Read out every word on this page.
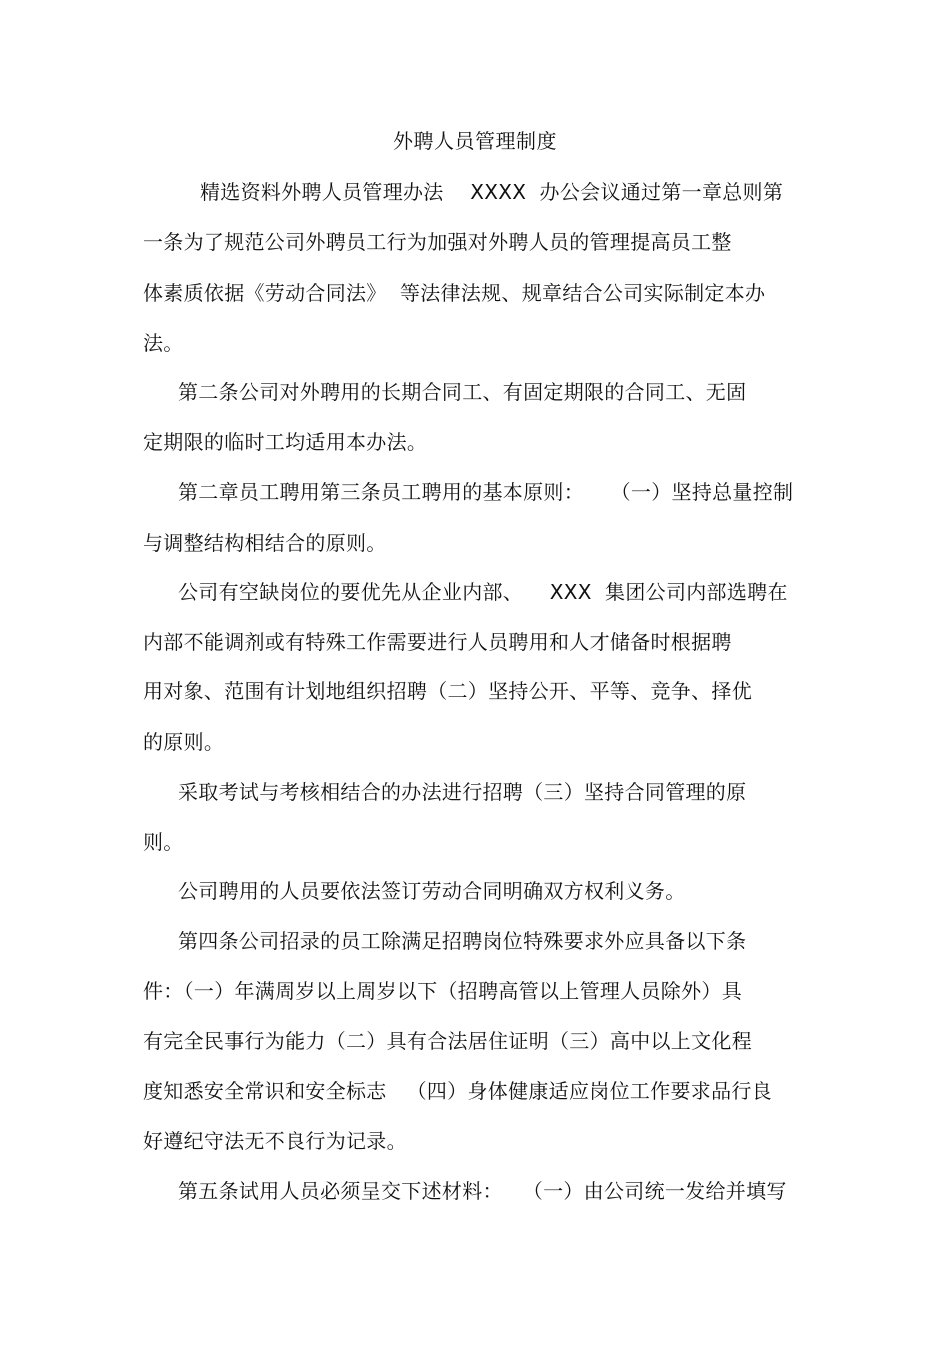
外聘人员管理制度
精选资料外聘人员管理办法    XXXX  办公会议通过第一章总则第
一条为了规范公司外聘员工行为加强对外聘人员的管理提高员工整
体素质依据《劳动合同法》  等法律法规、规章结合公司实际制定本办
法。
第二条公司对外聘用的长期合同工、有固定期限的合同工、无固
定期限的临时工均适用本办法。
第二章员工聘用第三条员工聘用的基本原则：    （一）坚持总量控制
与调整结构相结合的原则。
公司有空缺岗位的要优先从企业内部、    XXX  集团公司内部选聘在
内部不能调剂或有特殊工作需要进行人员聘用和人才储备时根据聘
用对象、范围有计划地组织招聘（二）坚持公开、平等、竞争、择优
的原则。
采取考试与考核相结合的办法进行招聘（三）坚持合同管理的原
则。
公司聘用的人员要依法签订劳动合同明确双方权利义务。
第四条公司招录的员工除满足招聘岗位特殊要求外应具备以下条
件：（一）年满周岁以上周岁以下（招聘高管以上管理人员除外）具
有完全民事行为能力（二）具有合法居住证明（三）高中以上文化程
度知悉安全常识和安全标志   （四）身体健康适应岗位工作要求品行良
好遵纪守法无不良行为记录。
第五条试用人员必须呈交下述材料：   （一）由公司统一发给并填写
